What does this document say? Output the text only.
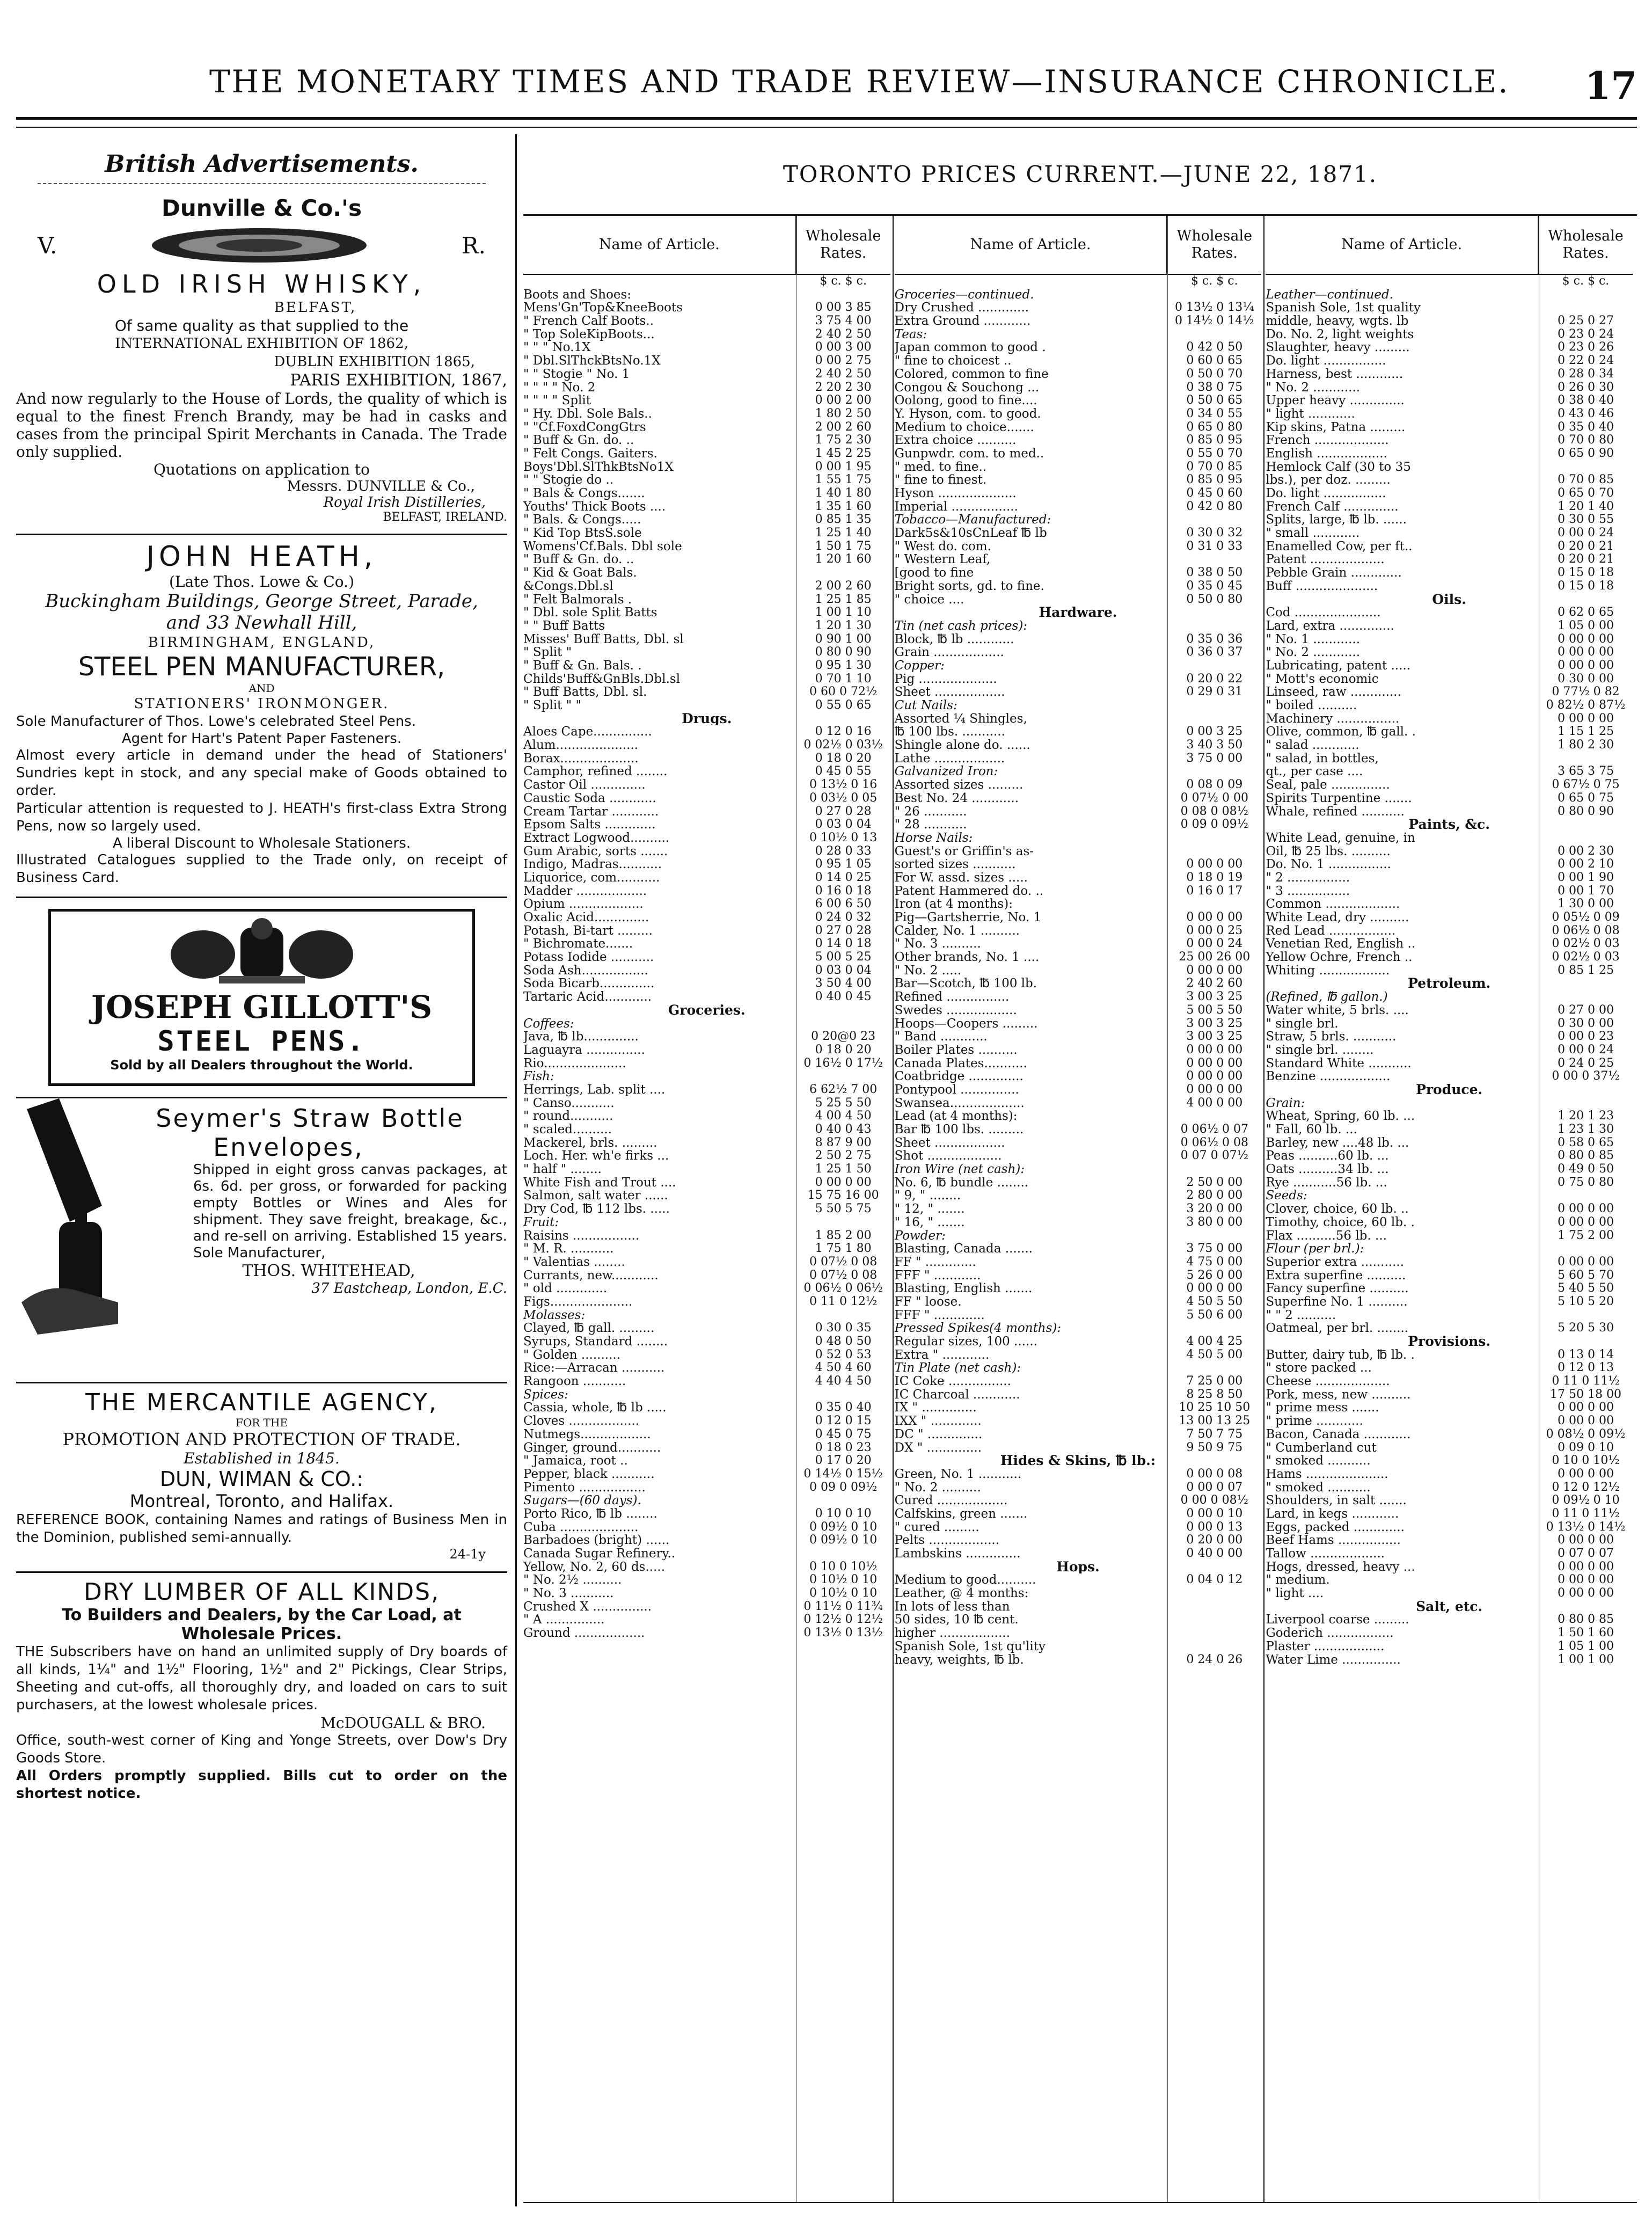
THE MONETARY TIMES AND TRADE REVIEW—INSURANCE CHRONICLE. 17
British Advertisements.
Dunville & Co.'s
V.	R.
OLD IRISH WHISKY,
BELFAST,
Of same quality as that supplied to the
INTERNATIONAL EXHIBITION OF 1862,
DUBLIN EXHIBITION 1865,
PARIS EXHIBITION, 1867,
And now regularly to the House of Lords, the quality of which is equal to the finest French Brandy, may be had in casks and cases from the principal Spirit Merchants in Canada. The Trade only supplied.
Quotations on application to
Messrs. DUNVILLE & Co.,
Royal Irish Distilleries,
BELFAST, IRELAND.
JOHN HEATH,
(Late Thos. Lowe & Co.)
Buckingham Buildings, George Street, Parade,
and 33 Newhall Hill,
BIRMINGHAM, ENGLAND,
STEEL PEN MANUFACTURER,
AND
STATIONERS' IRONMONGER.
Sole Manufacturer of Thos. Lowe's celebrated Steel Pens.
Agent for Hart's Patent Paper Fasteners.
Almost every article in demand under the head of Stationers' Sundries kept in stock, and any special make of Goods obtained to order.
Particular attention is requested to J. HEATH's first-class Extra Strong Pens, now so largely used.
A liberal Discount to Wholesale Stationers.
Illustrated Catalogues supplied to the Trade only, on receipt of Business Card.
JOSEPH GILLOTT'S
STEEL PENS.
Sold by all Dealers throughout the World.
Seymer's Straw Bottle
Envelopes,
Shipped in eight gross canvas packages, at 6s. 6d. per gross, or forwarded for packing empty Bottles or Wines and Ales for shipment. They save freight, breakage, &c., and re-sell on arriving. Established 15 years. Sole Manufacturer,
THOS. WHITEHEAD,
37 Eastcheap, London, E.C.
THE MERCANTILE AGENCY,
FOR THE
PROMOTION AND PROTECTION OF TRADE.
Established in 1845.
DUN, WIMAN & CO.:
Montreal, Toronto, and Halifax.
REFERENCE BOOK, containing Names and ratings of Business Men in the Dominion, published semi-annually.
24-1y
DRY LUMBER OF ALL KINDS,
To Builders and Dealers, by the Car Load, at Wholesale Prices.
THE Subscribers have on hand an unlimited supply of Dry boards of all kinds, 1¼" and 1½" Flooring, 1½" and 2" Pickings, Clear Strips, Sheeting and cut-offs, all thoroughly dry, and loaded on cars to suit purchasers, at the lowest wholesale prices.
McDOUGALL & BRO.
Office, south-west corner of King and Yonge Streets, over Dow's Dry Goods Store.
All Orders promptly supplied. Bills cut to order on the shortest notice.
TORONTO PRICES CURRENT.—JUNE 22, 1871.
Name of Article.
Wholesale Rates.
$ c. $ c.
Boots and Shoes:
Mens'Gn'Top&KneeBoots	0 00 3 85
" French Calf Boots..	3 75 4 00
" Top SoleKipBoots...	2 40 2 50
" " " No.1X	0 00 3 00
" Dbl.SlThckBtsNo.1X	0 00 2 75
" " Stogie " No. 1	2 40 2 50
" " " " No. 2	2 20 2 30
" " " " Split	0 00 2 00
" Hy. Dbl. Sole Bals..	1 80 2 50
" "Cf.FoxdCongGtrs	2 00 2 60
" Buff & Gn. do. ..	1 75 2 30
" Felt Congs. Gaiters.	1 45 2 25
Boys'Dbl.SlThkBtsNo1X	0 00 1 95
" " Stogie do ..	1 55 1 75
" Bals & Congs.......	1 40 1 80
Youths' Thick Boots ....	1 35 1 60
" Bals. & Congs.....	0 85 1 35
" Kid Top BtsS.sole	1 25 1 40
Womens'Cf.Bals. Dbl sole	1 50 1 75
" Buff & Gn. do. ..	1 20 1 60
" Kid & Goat Bals.
&Congs.Dbl.sl	2 00 2 60
" Felt Balmorals .	1 25 1 85
" Dbl. sole Split Batts	1 00 1 10
" " Buff Batts	1 20 1 30
Misses' Buff Batts, Dbl. sl	0 90 1 00
" Split "	0 80 0 90
" Buff & Gn. Bals. .	0 95 1 30
Childs'Buff&GnBls.Dbl.sl	0 70 1 10
" Buff Batts, Dbl. sl.	0 60 0 72½
" Split " "	0 55 0 65
Drugs.
Aloes Cape...............	0 12 0 16
Alum.....................	0 02½ 0 03½
Borax....................	0 18 0 20
Camphor, refined ........	0 45 0 55
Castor Oil ..............	0 13½ 0 16
Caustic Soda ............	0 03½ 0 05
Cream Tartar ............	0 27 0 28
Epsom Salts .............	0 03 0 04
Extract Logwood..........	0 10½ 0 13
Gum Arabic, sorts .......	0 28 0 33
Indigo, Madras...........	0 95 1 05
Liquorice, com...........	0 14 0 25
Madder ..................	0 16 0 18
Opium ...................	6 00 6 50
Oxalic Acid..............	0 24 0 32
Potash, Bi-tart .........	0 27 0 28
" Bichromate.......	0 14 0 18
Potass Iodide ...........	5 00 5 25
Soda Ash.................	0 03 0 04
Soda Bicarb..............	3 50 4 00
Tartaric Acid............	0 40 0 45
Groceries.
Coffees:
Java, ℔ lb..............	0 20@0 23
Laguayra ...............	0 18 0 20
Rio.....................	0 16½ 0 17½
Fish:
Herrings, Lab. split ....	6 62½ 7 00
" Canso...........	5 25 5 50
" round...........	4 00 4 50
" scaled..........	0 40 0 43
Mackerel, brls. .........	8 87 9 00
Loch. Her. wh'e firks ...	2 50 2 75
" half " ........	1 25 1 50
White Fish and Trout ....	0 00 0 00
Salmon, salt water ......	15 75 16 00
Dry Cod, ℔ 112 lbs. .....	5 50 5 75
Fruit:
Raisins .................	1 85 2 00
" M. R. ...........	1 75 1 80
" Valentias ........	0 07½ 0 08
Currants, new............	0 07½ 0 08
" old .............	0 06½ 0 06½
Figs.....................	0 11 0 12½
Molasses:
Clayed, ℔ gall. .........	0 30 0 35
Syrups, Standard ........	0 48 0 50
" Golden ..........	0 52 0 53
Rice:—Arracan ...........	4 50 4 60
Rangoon ...........	4 40 4 50
Spices:
Cassia, whole, ℔ lb .....	0 35 0 40
Cloves ..................	0 12 0 15
Nutmegs..................	0 45 0 75
Ginger, ground...........	0 18 0 23
" Jamaica, root ..	0 17 0 20
Pepper, black ...........	0 14½ 0 15½
Pimento .................	0 09 0 09½
Sugars—(60 days).
Porto Rico, ℔ lb ........	0 10 0 10
Cuba ....................	0 09½ 0 10
Barbadoes (bright) ......	0 09½ 0 10
Canada Sugar Refinery..
Yellow, No. 2, 60 ds.....	0 10 0 10½
" No. 2½ ..........	0 10½ 0 10
" No. 3 ...........	0 10½ 0 10
Crushed X ...............	0 11½ 0 11¾
" A ...............	0 12½ 0 12½
Ground ..................	0 13½ 0 13½
Name of Article.
Wholesale Rates.
$ c. $ c.
Groceries—continued.
Dry Crushed .............	0 13½ 0 13¼
Extra Ground ............	0 14½ 0 14½
Teas:
Japan common to good .	0 42 0 50
" fine to choicest ..	0 60 0 65
Colored, common to fine	0 50 0 70
Congou & Souchong ...	0 38 0 75
Oolong, good to fine....	0 50 0 65
Y. Hyson, com. to good.	0 34 0 55
Medium to choice.......	0 65 0 80
Extra choice ..........	0 85 0 95
Gunpwdr. com. to med..	0 55 0 70
" med. to fine..	0 70 0 85
" fine to finest.	0 85 0 95
Hyson ....................	0 45 0 60
Imperial .................	0 42 0 80
Tobacco—Manufactured:
Dark5s&10sCnLeaf ℔ lb	0 30 0 32
" West do. com.	0 31 0 33
" Western Leaf,
[good to fine	0 38 0 50
Bright sorts, gd. to fine.	0 35 0 45
" choice ....	0 50 0 80
Hardware.
Tin (net cash prices):
Block, ℔ lb ............	0 35 0 36
Grain ..................	0 36 0 37
Copper:
Pig ....................	0 20 0 22
Sheet ..................	0 29 0 31
Cut Nails:
Assorted ¼ Shingles,
℔ 100 lbs. ...........	0 00 3 25
Shingle alone do. ......	3 40 3 50
Lathe ..................	3 75 0 00
Galvanized Iron:
Assorted sizes .........	0 08 0 09
Best No. 24 ............	0 07½ 0 00
" 26 ...........	0 08 0 08½
" 28 ...........	0 09 0 09½
Horse Nails:
Guest's or Griffin's as-
sorted sizes ...........	0 00 0 00
For W. assd. sizes .....	0 18 0 19
Patent Hammered do. ..	0 16 0 17
Iron (at 4 months):
Pig—Gartsherrie, No. 1	0 00 0 00
Calder, No. 1 ..........	0 00 0 25
" No. 3 ..........	0 00 0 24
Other brands, No. 1 ....	25 00 26 00
" No. 2 .....	0 00 0 00
Bar—Scotch, ℔ 100 lb.	2 40 2 60
Refined ................	3 00 3 25
Swedes ..................	5 00 5 50
Hoops—Coopers .........	3 00 3 25
" Band ............	3 00 3 25
Boiler Plates ..........	0 00 0 00
Canada Plates...........	0 00 0 00
Coatbridge ..............	0 00 0 00
Pontypool ...............	0 00 0 00
Swansea...................	4 00 0 00
Lead (at 4 months):
Bar ℔ 100 lbs. .........	0 06½ 0 07
Sheet ..................	0 06½ 0 08
Shot ...................	0 07 0 07½
Iron Wire (net cash):
No. 6, ℔ bundle ........	2 50 0 00
" 9, " ........	2 80 0 00
" 12, " .......	3 20 0 00
" 16, " .......	3 80 0 00
Powder:
Blasting, Canada .......	3 75 0 00
FF " .............	4 75 0 00
FFF " ............	5 26 0 00
Blasting, English .......	0 00 0 00
FF " loose.	4 50 5 50
FFF " .............	5 50 6 00
Pressed Spikes(4 months):
Regular sizes, 100 ......	4 00 4 25
Extra " ............	4 50 5 00
Tin Plate (net cash):
IC Coke ................	7 25 0 00
IC Charcoal ............	8 25 8 50
IX " ..............	10 25 10 50
IXX " .............	13 00 13 25
DC " ..............	7 50 7 75
DX " ..............	9 50 9 75
Hides & Skins, ℔ lb.:
Green, No. 1 ...........	0 00 0 08
" No. 2 ..........	0 00 0 07
Cured ..................	0 00 0 08½
Calfskins, green .......	0 00 0 10
" cured .........	0 00 0 13
Pelts ..................	0 20 0 00
Lambskins ..............	0 40 0 00
Hops.
Medium to good..........	0 04 0 12
Leather, @ 4 months:
In lots of less than
50 sides, 10 ℔ cent.
higher ..................
Spanish Sole, 1st qu'lity
heavy, weights, ℔ lb.	0 24 0 26
Name of Article.
Wholesale Rates.
$ c. $ c.
Leather—continued.
Spanish Sole, 1st quality
middle, heavy, wgts. lb	0 25 0 27
Do. No. 2, light weights	0 23 0 24
Slaughter, heavy .........	0 23 0 26
Do. light ................	0 22 0 24
Harness, best ............	0 28 0 34
" No. 2 ............	0 26 0 30
Upper heavy ..............	0 38 0 40
" light ............	0 43 0 46
Kip skins, Patna .........	0 35 0 40
French ...................	0 70 0 80
English ..................	0 65 0 90
Hemlock Calf (30 to 35
lbs.), per doz. .........	0 70 0 85
Do. light ................	0 65 0 70
French Calf ..............	1 20 1 40
Splits, large, ℔ lb. ......	0 30 0 55
" small ............	0 00 0 24
Enamelled Cow, per ft..	0 20 0 21
Patent ...................	0 20 0 21
Pebble Grain .............	0 15 0 18
Buff .....................	0 15 0 18
Oils.
Cod ......................	0 62 0 65
Lard, extra ..............	1 05 0 00
" No. 1 ............	0 00 0 00
" No. 2 ............	0 00 0 00
Lubricating, patent .....	0 00 0 00
" Mott's economic	0 30 0 00
Linseed, raw .............	0 77½ 0 82
" boiled ..........	0 82½ 0 87½
Machinery ................	0 00 0 00
Olive, common, ℔ gall. .	1 15 1 25
" salad ............	1 80 2 30
" salad, in bottles,
qt., per case ....	3 65 3 75
Seal, pale ...............	0 67½ 0 75
Spirits Turpentine .......	0 65 0 75
Whale, refined ...........	0 80 0 90
Paints, &c.
White Lead, genuine, in
Oil, ℔ 25 lbs. ..........	0 00 2 30
Do. No. 1 ................	0 00 2 10
" 2 ................	0 00 1 90
" 3 ................	0 00 1 70
Common ...................	1 30 0 00
White Lead, dry ..........	0 05½ 0 09
Red Lead .................	0 06½ 0 08
Venetian Red, English ..	0 02½ 0 03
Yellow Ochre, French ..	0 02½ 0 03
Whiting ..................	0 85 1 25
Petroleum.
(Refined, ℔ gallon.)
Water white, 5 brls. ....	0 27 0 00
" single brl.	0 30 0 00
Straw, 5 brls. ...........	0 00 0 23
" single brl. ........	0 00 0 24
Standard White ...........	0 24 0 25
Benzine ..................	0 00 0 37½
Produce.
Grain:
Wheat, Spring, 60 lb. ...	1 20 1 23
" Fall, 60 lb. ...	1 23 1 30
Barley, new ....48 lb. ...	0 58 0 65
Peas ..........60 lb. ...	0 80 0 85
Oats ..........34 lb. ...	0 49 0 50
Rye ...........56 lb. ...	0 75 0 80
Seeds:
Clover, choice, 60 lb. ..	0 00 0 00
Timothy, choice, 60 lb. .	0 00 0 00
Flax ..........56 lb. ...	1 75 2 00
Flour (per brl.):
Superior extra ...........	0 00 0 00
Extra superfine ..........	5 60 5 70
Fancy superfine ..........	5 40 5 50
Superfine No. 1 ..........	5 10 5 20
" " 2 ..........
Oatmeal, per brl. ........	5 20 5 30
Provisions.
Butter, dairy tub, ℔ lb. .	0 13 0 14
" store packed ...	0 12 0 13
Cheese ...................	0 11 0 11½
Pork, mess, new ..........	17 50 18 00
" prime mess .......	0 00 0 00
" prime ............	0 00 0 00
Bacon, Canada ............	0 08½ 0 09½
" Cumberland cut	0 09 0 10
" smoked ...........	0 10 0 10½
Hams .....................	0 00 0 00
" smoked ...........	0 12 0 12½
Shoulders, in salt .......	0 09½ 0 10
Lard, in kegs ............	0 11 0 11½
Eggs, packed .............	0 13½ 0 14½
Beef Hams ................	0 00 0 00
Tallow ...................	0 07 0 07
Hogs, dressed, heavy ...	0 00 0 00
" medium.	0 00 0 00
" light ....	0 00 0 00
Salt, etc.
Liverpool coarse .........	0 80 0 85
Goderich .................	1 50 1 60
Plaster ..................	1 05 1 00
Water Lime ...............	1 00 1 00
